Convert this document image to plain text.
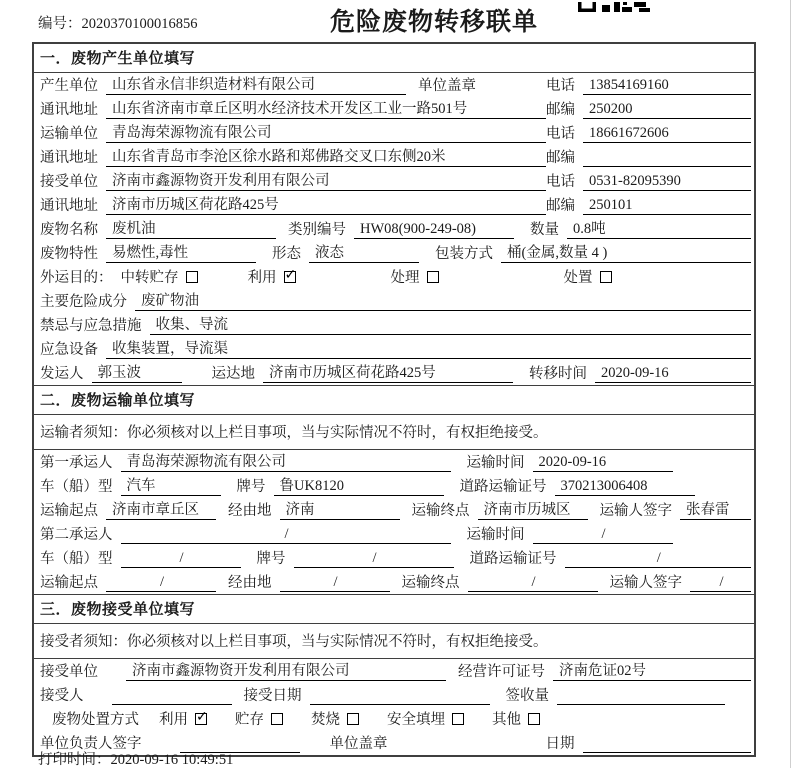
编号：2020370100016856	危险废物转移联单
一．废物产生单位填写
产生单位 山东省永信非织造材料有限公司	单位盖章	电话 13854169160
通讯地址 山东省济南市章丘区明水经济技术开发区工业一路501号	邮编 250200
运输单位 青岛海荣源物流有限公司	电话 18661672606
通讯地址 山东省青岛市李沧区徐水路和郑佛路交叉口东侧20米	邮编
接受单位 济南市鑫源物资开发利用有限公司	电话 0531-82095390
通讯地址 济南市历城区荷花路425号	邮编 250101
废物名称 废机油	类别编号 HW08(900-249-08)	数量 0.8吨
废物特性 易燃性,毒性	形态 液态	包装方式 桶(金属,数量 4 )
外运目的： 中转贮存	利用 ✓	处理	处置
主要危险成分 废矿物油
禁忌与应急措施 收集、导流
应急设备 收集装置，导流渠
发运人 郭玉波	运达地 济南市历城区荷花路425号	转移时间 2020-09-16
二．废物运输单位填写
运输者须知：你必须核对以上栏目事项，当与实际情况不符时，有权拒绝接受。
第一承运人 青岛海荣源物流有限公司	运输时间 2020-09-16
车（船）型 汽车	牌号 鲁UK8120	道路运输证号 370213006408
运输起点 济南市章丘区	经由地 济南	运输终点 济南市历城区	运输人签字 张春雷
第二承运人	/	运输时间	/
车（船）型	/	牌号	/	道路运输证号	/
运输起点	/	经由地	/	运输终点	/	运输人签字	/
三．废物接受单位填写
接受者须知：你必须核对以上栏目事项，当与实际情况不符时，有权拒绝接受。
接受单位	济南市鑫源物资开发利用有限公司	经营许可证号 济南危证02号
接受人	接受日期	签收量
废物处置方式 利用 ✓	贮存	焚烧	安全填埋	其他
单位负责人签字	单位盖章	日期
打印时间：2020-09-16 10:49:51
